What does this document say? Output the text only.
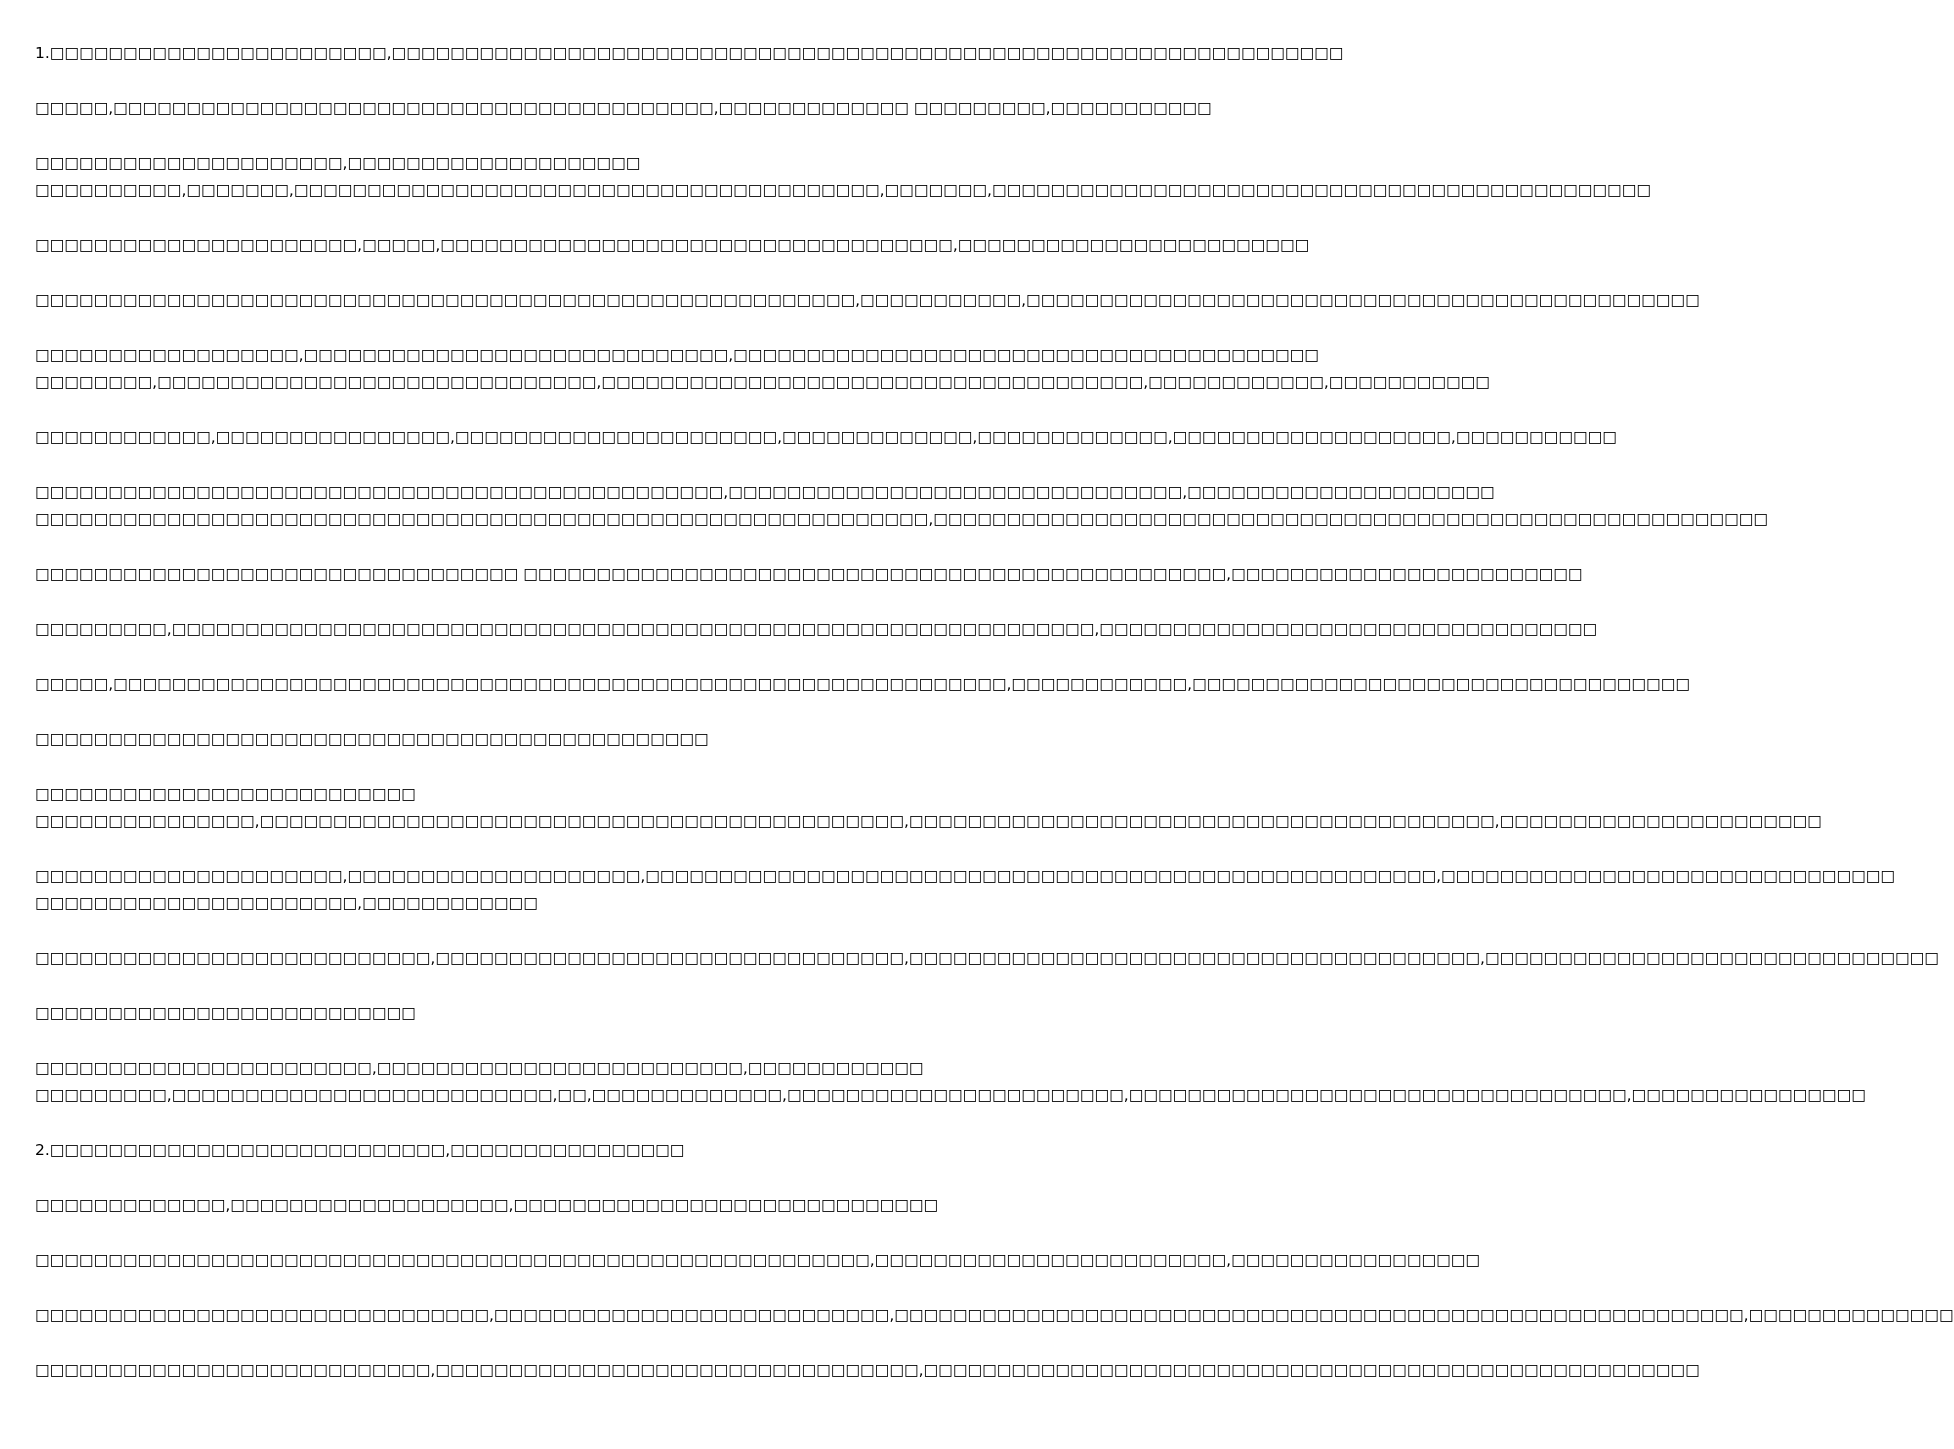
1.□□□□□□□□□□□□□□□□□□□□□□□,□□□□□□□□□□□□□□□□□□□□□□□□□□□□□□□□□□□□□□□□□□□□□□□□□□□□□□□□□□□□□□□□□
□□□□□,□□□□□□□□□□□□□□□□□□□□□□□□□□□□□□□□□□□□□□□□□,□□□□□□□□□□□□□ □□□□□□□□□,□□□□□□□□□□□
□□□□□□□□□□□□□□□□□□□□□,□□□□□□□□□□□□□□□□□□□□
□□□□□□□□□□,□□□□□□□,□□□□□□□□□□□□□□□□□□□□□□□□□□□□□□□□□□□□□□□□,□□□□□□□,□□□□□□□□□□□□□□□□□□□□□□□□□□□□□□□□□□□□□□□□□□□□□
□□□□□□□□□□□□□□□□□□□□□□,□□□□□,□□□□□□□□□□□□□□□□□□□□□□□□□□□□□□□□□□□,□□□□□□□□□□□□□□□□□□□□□□□□
□□□□□□□□□□□□□□□□□□□□□□□□□□□□□□□□□□□□□□□□□□□□□□□□□□□□□□□□,□□□□□□□□□□□,□□□□□□□□□□□□□□□□□□□□□□□□□□□□□□□□□□□□□□□□□□□□□□
□□□□□□□□□□□□□□□□□□,□□□□□□□□□□□□□□□□□□□□□□□□□□□□□,□□□□□□□□□□□□□□□□□□□□□□□□□□□□□□□□□□□□□□□□
□□□□□□□□,□□□□□□□□□□□□□□□□□□□□□□□□□□□□□□,□□□□□□□□□□□□□□□□□□□□□□□□□□□□□□□□□□□□□,□□□□□□□□□□□□,□□□□□□□□□□□
□□□□□□□□□□□□,□□□□□□□□□□□□□□□□,□□□□□□□□□□□□□□□□□□□□□□,□□□□□□□□□□□□□,□□□□□□□□□□□□□,□□□□□□□□□□□□□□□□□□□,□□□□□□□□□□□
□□□□□□□□□□□□□□□□□□□□□□□□□□□□□□□□□□□□□□□□□□□□□□□,□□□□□□□□□□□□□□□□□□□□□□□□□□□□□□□,□□□□□□□□□□□□□□□□□□□□□
□□□□□□□□□□□□□□□□□□□□□□□□□□□□□□□□□□□□□□□□□□□□□□□□□□□□□□□□□□□□□,□□□□□□□□□□□□□□□□□□□□□□□□□□□□□□□□□□□□□□□□□□□□□□□□□□□□□□□□□
□□□□□□□□□□□□□□□□□□□□□□□□□□□□□□□□□ □□□□□□□□□□□□□□□□□□□□□□□□□□□□□□□□□□□□□□□□□□□□□□□□,□□□□□□□□□□□□□□□□□□□□□□□□
□□□□□□□□□,□□□□□□□□□□□□□□□□□□□□□□□□□□□□□□□□□□□□□□□□□□□□□□□□□□□□□□□□□□□□□□□,□□□□□□□□□□□□□□□□□□□□□□□□□□□□□□□□□□
□□□□□,□□□□□□□□□□□□□□□□□□□□□□□□□□□□□□□□□□□□□□□□□□□□□□□□□□□□□□□□□□□□□,□□□□□□□□□□□□,□□□□□□□□□□□□□□□□□□□□□□□□□□□□□□□□□□
□□□□□□□□□□□□□□□□□□□□□□□□□□□□□□□□□□□□□□□□□□□□□□
□□□□□□□□□□□□□□□□□□□□□□□□□□
□□□□□□□□□□□□□□□,□□□□□□□□□□□□□□□□□□□□□□□□□□□□□□□□□□□□□□□□□□□□,□□□□□□□□□□□□□□□□□□□□□□□□□□□□□□□□□□□□□□□□,□□□□□□□□□□□□□□□□□□□□□□
□□□□□□□□□□□□□□□□□□□□□,□□□□□□□□□□□□□□□□□□□□,□□□□□□□□□□□□□□□□□□□□□□□□□□□□□□□□□□□□□□□□□□□□□□□□□□□□□□,□□□□□□□□□□□□□□□□□□□□□□□□□□□□□□□
□□□□□□□□□□□□□□□□□□□□□□,□□□□□□□□□□□□
□□□□□□□□□□□□□□□□□□□□□□□□□□□,□□□□□□□□□□□□□□□□□□□□□□□□□□□□□□□□,□□□□□□□□□□□□□□□□□□□□□□□□□□□□□□□□□□□□□□□,□□□□□□□□□□□□□□□□□□□□□□□□□□□□□□□
□□□□□□□□□□□□□□□□□□□□□□□□□□
□□□□□□□□□□□□□□□□□□□□□□□,□□□□□□□□□□□□□□□□□□□□□□□□□,□□□□□□□□□□□□
□□□□□□□□□,□□□□□□□□□□□□□□□□□□□□□□□□□□,□□,□□□□□□□□□□□□□,□□□□□□□□□□□□□□□□□□□□□□□,□□□□□□□□□□□□□□□□□□□□□□□□□□□□□□□□□□,□□□□□□□□□□□□□□□□
2.□□□□□□□□□□□□□□□□□□□□□□□□□□□,□□□□□□□□□□□□□□□□
□□□□□□□□□□□□□,□□□□□□□□□□□□□□□□□□□,□□□□□□□□□□□□□□□□□□□□□□□□□□□□□
□□□□□□□□□□□□□□□□□□□□□□□□□□□□□□□□□□□□□□□□□□□□□□□□□□□□□□□□□,□□□□□□□□□□□□□□□□□□□□□□□□,□□□□□□□□□□□□□□□□□
□□□□□□□□□□□□□□□□□□□□□□□□□□□□□□□,□□□□□□□□□□□□□□□□□□□□□□□□□□□,□□□□□□□□□□□□□□□□□□□□□□□□□□□□□□□□□□□□□□□□□□□□□□□□□□□□□□□□□□,□□□□□□□□□□□□□□
□□□□□□□□□□□□□□□□□□□□□□□□□□□,□□□□□□□□□□□□□□□□□□□□□□□□□□□□□□□□□,□□□□□□□□□□□□□□□□□□□□□□□□□□□□□□□□□□□□□□□□□□□□□□□□□□□□□
